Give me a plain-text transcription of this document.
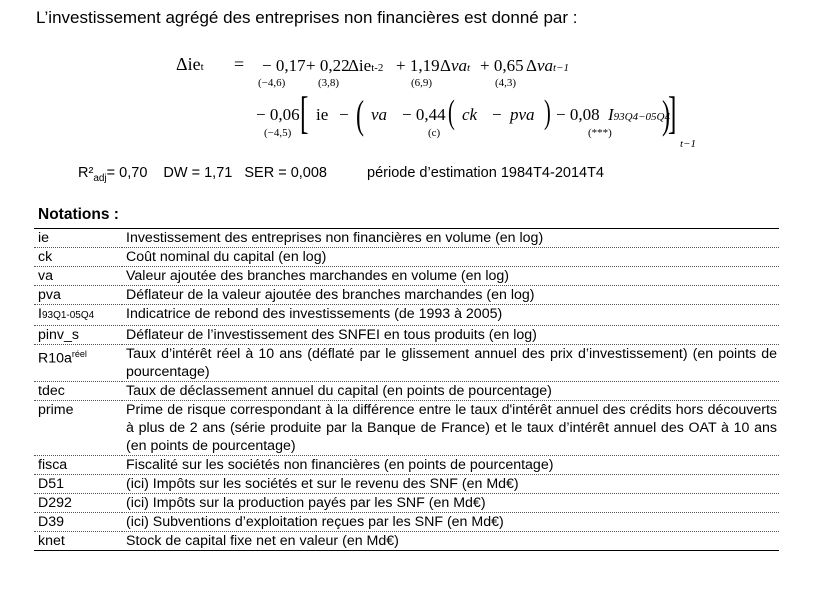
L’investissement agrégé des entreprises non financières est donné par :
Δiet = − 0,17
(−4,6)
+ 0,22
(3,8)
Δiet-2 + 1,19
(6,9)
Δvat + 0,65
(4,3)
Δvat−1
− 0,06
(−4,5) [ ie − ( va − 0,44
(c)
( ck − pva ) − 0,08
(***)
I93Q4−05Q4
)
]
t−1
$R^2_{adj}= 0,70$ DW = 1,71 SER = 0,008	période d’estimation 1984T4-2014T4
Notations :
ie	Investissement des entreprises non financières en volume (en log)
ck	Coût nominal du capital (en log)
va	Valeur ajoutée des branches marchandes en volume (en log)
pva	Déflateur de la valeur ajoutée des branches marchandes (en log)
I93Q1-05Q4	Indicatrice de rebond des investissements (de 1993 à 2005)
pinv_s	Déflateur de l’investissement des SNFEI en tous produits (en log)
$R10a^{réel}$	Taux d’intérêt réel à 10 ans (déflaté par le glissement annuel des prix d’investissement) (en points de pourcentage)
tdec	Taux de déclassement annuel du capital (en points de pourcentage)
prime	Prime de risque correspondant à la différence entre le taux d'intérêt annuel des crédits hors découverts à plus de 2 ans (série produite par la Banque de France) et le taux d’intérêt annuel des OAT à 10 ans (en points de pourcentage)
fisca	Fiscalité sur les sociétés non financières (en points de pourcentage)
D51	(ici) Impôts sur les sociétés et sur le revenu des SNF (en Md€)
D292	(ici) Impôts sur la production payés par les SNF (en Md€)
D39	(ici) Subventions d’exploitation reçues par les SNF (en Md€)
knet	Stock de capital fixe net en valeur (en Md€)
